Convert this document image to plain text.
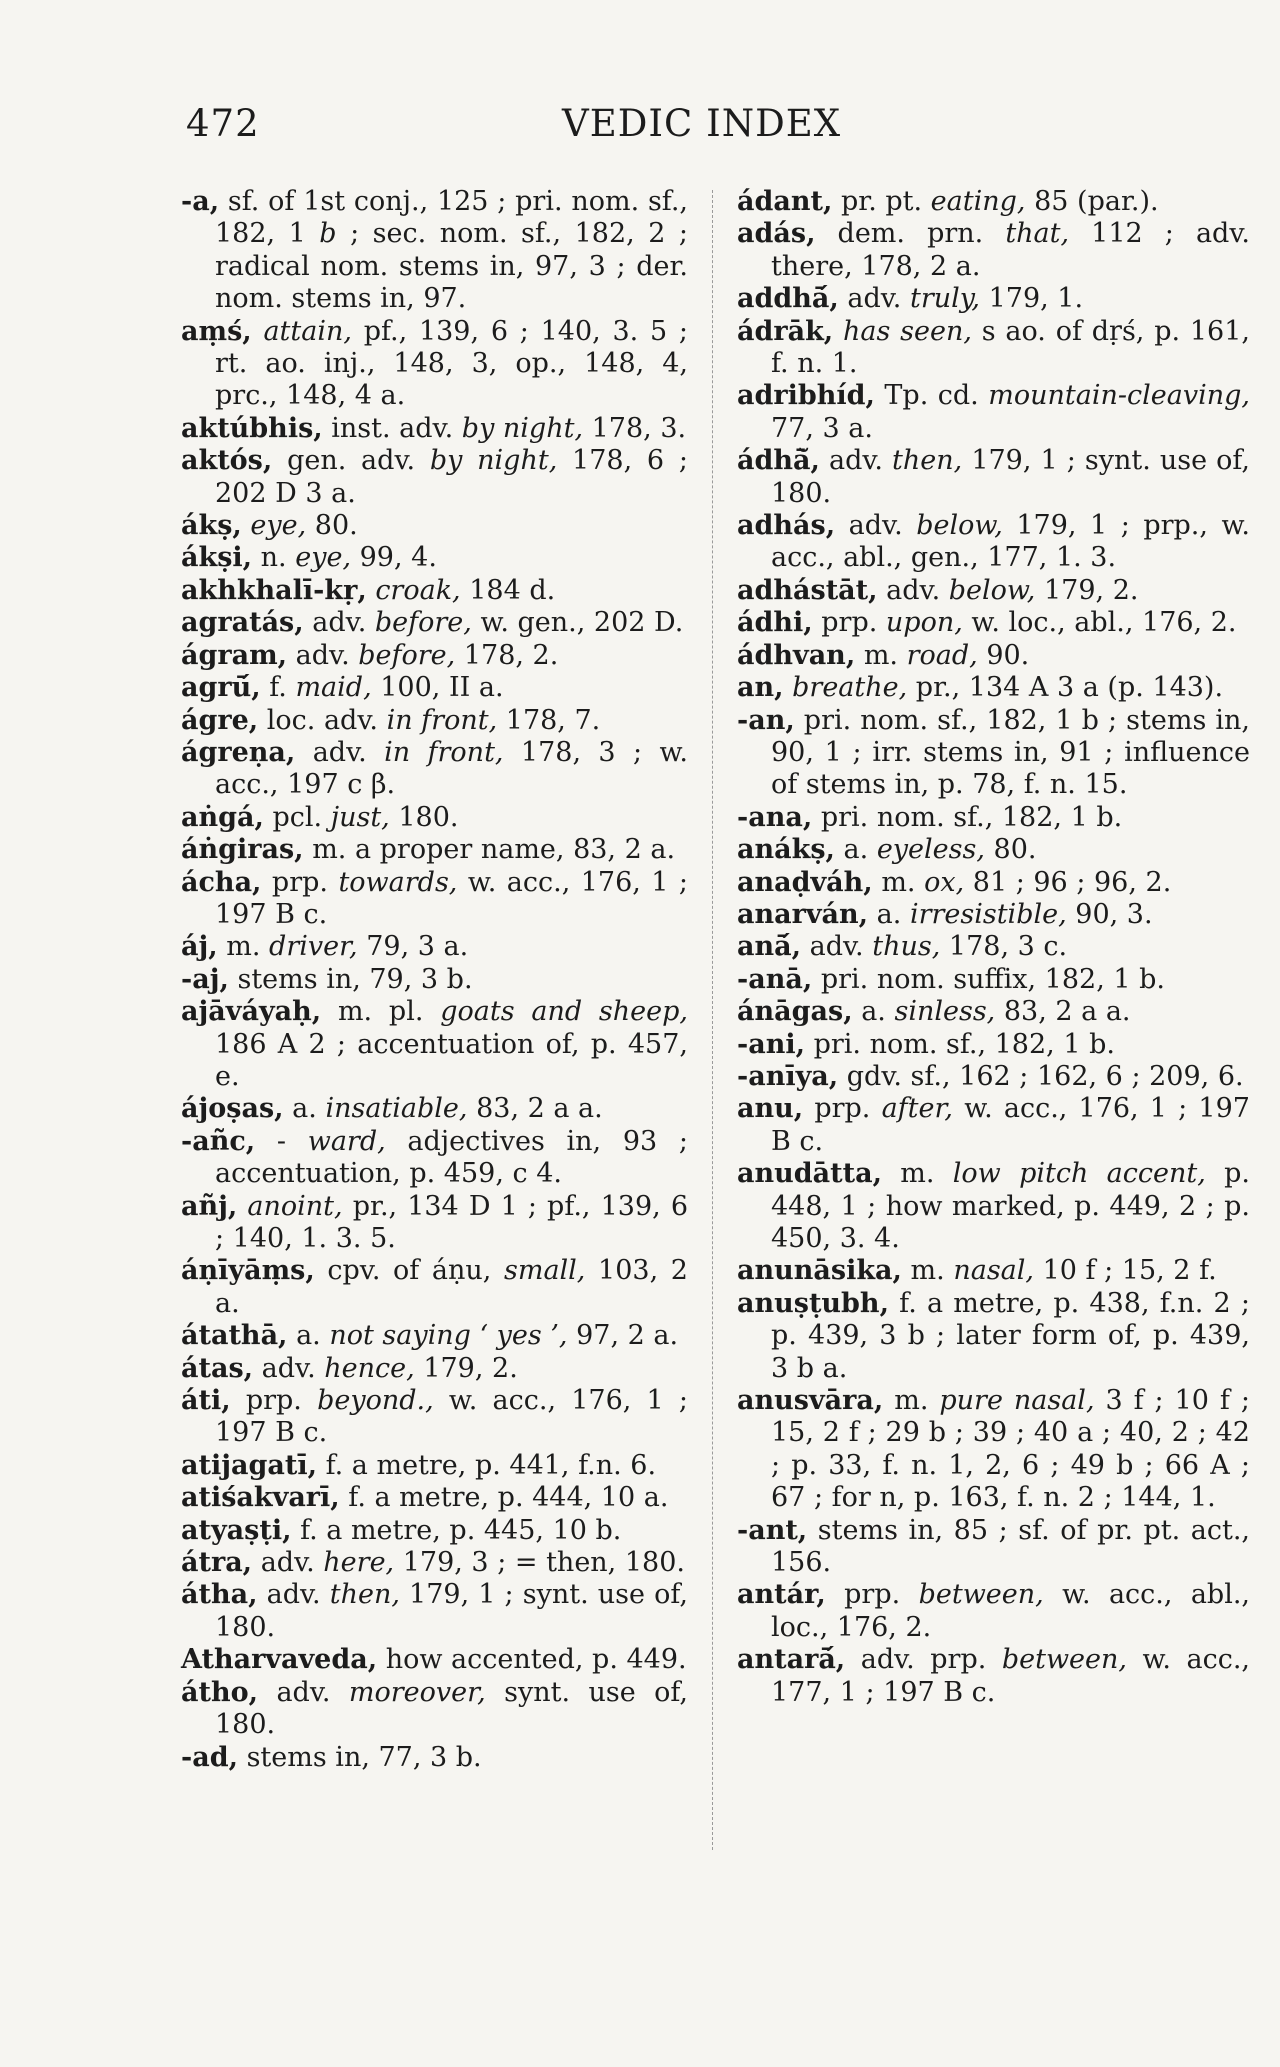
472	VEDIC INDEX
-a, sf. of 1st conj., 125 ; pri. nom. sf., 182, 1 b ; sec. nom. sf., 182, 2 ; radical nom. stems in, 97, 3 ; der. nom. stems in, 97.
aṃś, attain, pf., 139, 6 ; 140, 3. 5 ; rt. ao. inj., 148, 3, op., 148, 4, prc., 148, 4 a.
aktúbhis, inst. adv. by night, 178, 3.
aktós, gen. adv. by night, 178, 6 ; 202 D 3 a.
ákṣ, eye, 80.
ákṣi, n. eye, 99, 4.
akhkhalī-kṛ, croak, 184 d.
agratás, adv. before, w. gen., 202 D.
ágram, adv. before, 178, 2.
agrū́, f. maid, 100, II a.
ágre, loc. adv. in front, 178, 7.
ágreṇa, adv. in front, 178, 3 ; w. acc., 197 c β.
aṅgá, pcl. just, 180.
áṅgiras, m. a proper name, 83, 2 a.
ácha, prp. towards, w. acc., 176, 1 ; 197 B c.
áj, m. driver, 79, 3 a.
-aj, stems in, 79, 3 b.
ajāváyaḥ, m. pl. goats and sheep, 186 A 2 ; accentuation of, p. 457, e.
ájoṣas, a. insatiable, 83, 2 a a.
-añc, - ward, adjectives in, 93 ; accentuation, p. 459, c 4.
añj, anoint, pr., 134 D 1 ; pf., 139, 6 ; 140, 1. 3. 5.
áṇīyāṃs, cpv. of áṇu, small, 103, 2 a.
átathā, a. not saying ‘ yes ’, 97, 2 a.
átas, adv. hence, 179, 2.
áti, prp. beyond., w. acc., 176, 1 ; 197 B c.
atijagatī, f. a metre, p. 441, f.n. 6.
atiśakvarī, f. a metre, p. 444, 10 a.
atyaṣṭi, f. a metre, p. 445, 10 b.
átra, adv. here, 179, 3 ; = then, 180.
átha, adv. then, 179, 1 ; synt. use of, 180.
Atharvaveda, how accented, p. 449.
átho, adv. moreover, synt. use of, 180.
-ad, stems in, 77, 3 b.
ádant, pr. pt. eating, 85 (par.).
adás, dem. prn. that, 112 ; adv. there, 178, 2 a.
addhā́, adv. truly, 179, 1.
ádrāk, has seen, s ao. of dṛś, p. 161, f. n. 1.
adribhíd, Tp. cd. mountain-cleaving, 77, 3 a.
ádhā̆, adv. then, 179, 1 ; synt. use of, 180.
adhás, adv. below, 179, 1 ; prp., w. acc., abl., gen., 177, 1. 3.
adhástāt, adv. below, 179, 2.
ádhi, prp. upon, w. loc., abl., 176, 2.
ádhvan, m. road, 90.
an, breathe, pr., 134 A 3 a (p. 143).
-an, pri. nom. sf., 182, 1 b ; stems in, 90, 1 ; irr. stems in, 91 ; influence of stems in, p. 78, f. n. 15.
-ana, pri. nom. sf., 182, 1 b.
anákṣ, a. eyeless, 80.
anaḍváh, m. ox, 81 ; 96 ; 96, 2.
anarván, a. irresistible, 90, 3.
anā́, adv. thus, 178, 3 c.
-anā, pri. nom. suffix, 182, 1 b.
ánāgas, a. sinless, 83, 2 a a.
-ani, pri. nom. sf., 182, 1 b.
-anīya, gdv. sf., 162 ; 162, 6 ; 209, 6.
anu, prp. after, w. acc., 176, 1 ; 197 B c.
anudātta, m. low pitch accent, p. 448, 1 ; how marked, p. 449, 2 ; p. 450, 3. 4.
anunāsika, m. nasal, 10 f ; 15, 2 f.
anuṣṭubh, f. a metre, p. 438, f.n. 2 ; p. 439, 3 b ; later form of, p. 439, 3 b a.
anusvāra, m. pure nasal, 3 f ; 10 f ; 15, 2 f ; 29 b ; 39 ; 40 a ; 40, 2 ; 42 ; p. 33, f. n. 1, 2, 6 ; 49 b ; 66 A ; 67 ; for n, p. 163, f. n. 2 ; 144, 1.
-ant, stems in, 85 ; sf. of pr. pt. act., 156.
antár, prp. between, w. acc., abl., loc., 176, 2.
antarā́, adv. prp. between, w. acc., 177, 1 ; 197 B c.
